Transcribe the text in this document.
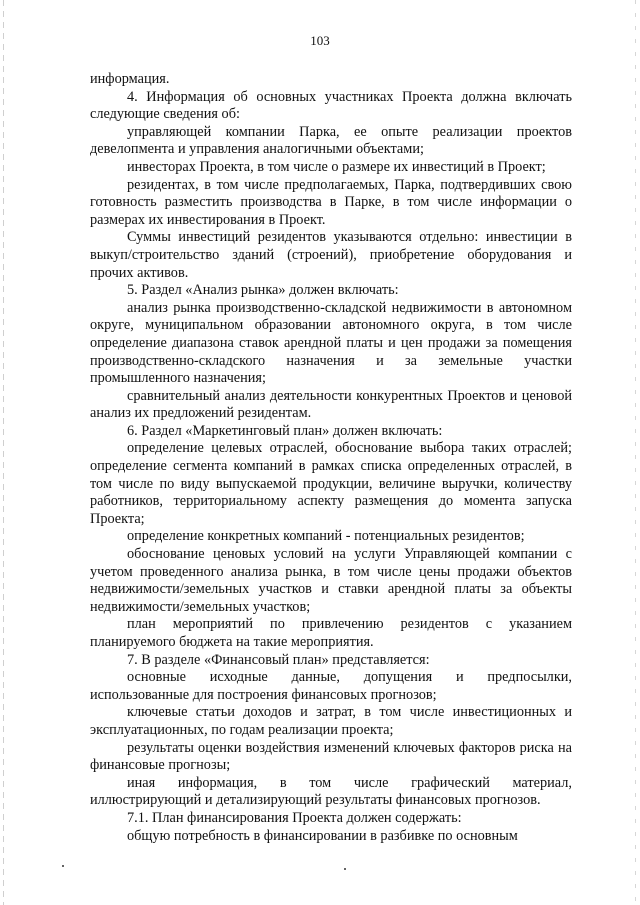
103

информация.

4. Информация об основных участниках Проекта должна включать следующие сведения об:

управляющей компании Парка, ее опыте реализации проектов девелопмента и управления аналогичными объектами;

инвесторах Проекта, в том числе о размере их инвестиций в Проект;

резидентах, в том числе предполагаемых, Парка, подтвердивших свою готовность разместить производства в Парке, в том числе информации о размерах их инвестирования в Проект.

Суммы инвестиций резидентов указываются отдельно: инвестиции в выкуп/строительство зданий (строений), приобретение оборудования и прочих активов.

5. Раздел «Анализ рынка» должен включать:

анализ рынка производственно-складской недвижимости в автономном округе, муниципальном образовании автономного округа, в том числе определение диапазона ставок арендной платы и цен продажи за помещения производственно-складского назначения и за земельные участки промышленного назначения;

сравнительный анализ деятельности конкурентных Проектов и ценовой анализ их предложений резидентам.

6. Раздел «Маркетинговый план» должен включать:

определение целевых отраслей, обоснование выбора таких отраслей; определение сегмента компаний в рамках списка определенных отраслей, в том числе по виду выпускаемой продукции, величине выручки, количеству работников, территориальному аспекту размещения до момента запуска Проекта;

определение конкретных компаний - потенциальных резидентов;

обоснование ценовых условий на услуги Управляющей компании с учетом проведенного анализа рынка, в том числе цены продажи объектов недвижимости/земельных участков и ставки арендной платы за объекты недвижимости/земельных участков;

план мероприятий по привлечению резидентов с указанием планируемого бюджета на такие мероприятия.

7. В разделе «Финансовый план» представляется:

основные исходные данные, допущения и предпосылки, использованные для построения финансовых прогнозов;

ключевые статьи доходов и затрат, в том числе инвестиционных и эксплуатационных, по годам реализации проекта;

результаты оценки воздействия изменений ключевых факторов риска на финансовые прогнозы;

иная информация, в том числе графический материал, иллюстрирующий и детализирующий результаты финансовых прогнозов.

7.1. План финансирования Проекта должен содержать:

общую потребность в финансировании в разбивке по основным
